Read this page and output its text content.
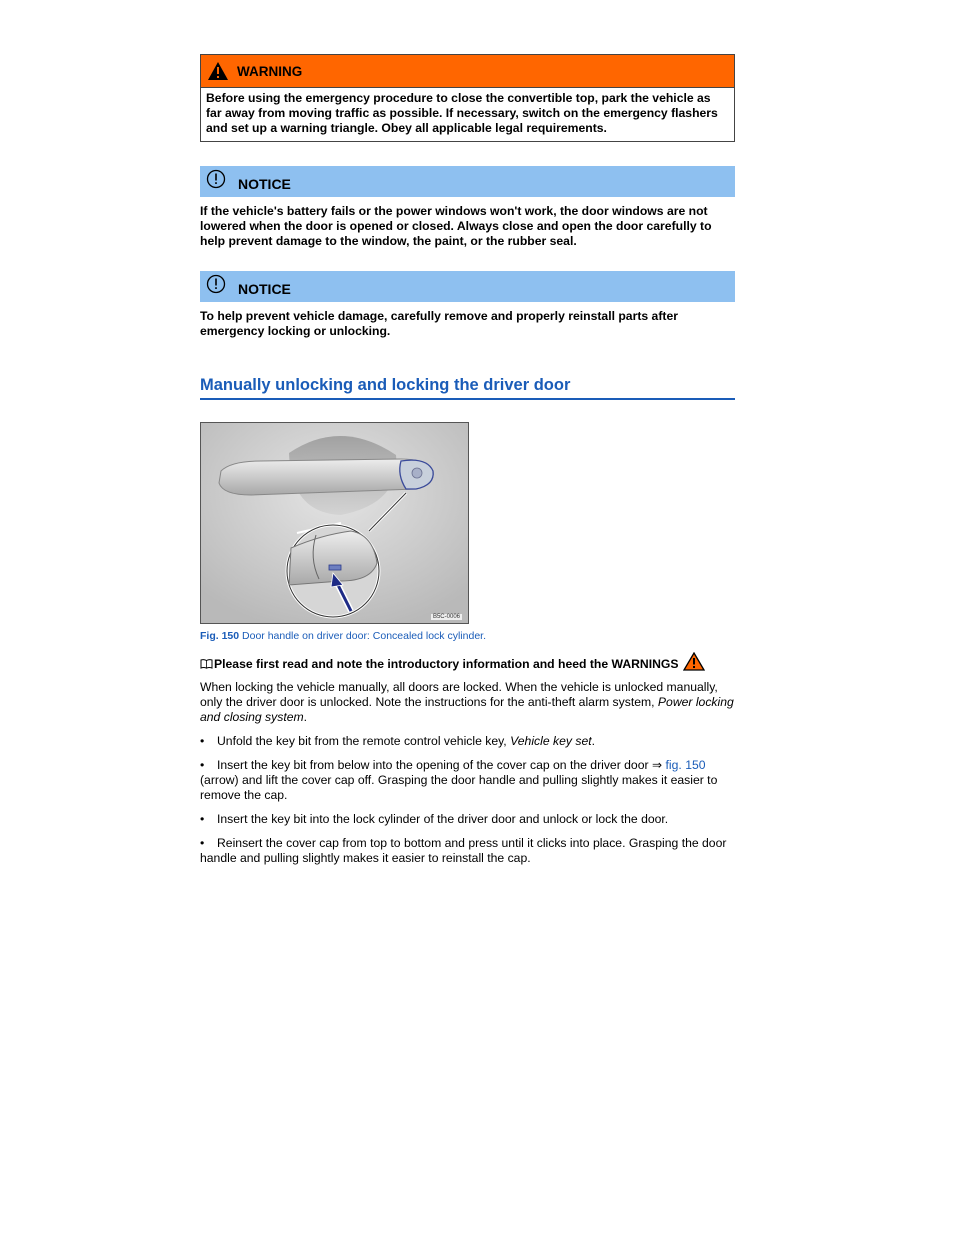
WARNING
Before using the emergency procedure to close the convertible top, park the vehicle as far away from moving traffic as possible. If necessary, switch on the emergency flashers and set up a warning triangle. Obey all applicable legal requirements.
NOTICE
If the vehicle's battery fails or the power windows won't work, the door windows are not lowered when the door is opened or closed. Always close and open the door carefully to help prevent damage to the window, the paint, or the rubber seal.
NOTICE
To help prevent vehicle damage, carefully remove and properly reinstall parts after emergency locking or unlocking.
Manually unlocking and locking the driver door
B5C-0006
Fig. 150 Door handle on driver door: Concealed lock cylinder.
Please first read and note the introductory information and heed the WARNINGS
When locking the vehicle manually, all doors are locked. When the vehicle is unlocked manually, only the driver door is unlocked. Note the instructions for the anti-theft alarm system, Power locking and closing system.
• Unfold the key bit from the remote control vehicle key, Vehicle key set.
• Insert the key bit from below into the opening of the cover cap on the driver door ⇒ fig. 150 (arrow) and lift the cover cap off. Grasping the door handle and pulling slightly makes it easier to remove the cap.
• Insert the key bit into the lock cylinder of the driver door and unlock or lock the door.
• Reinsert the cover cap from top to bottom and press until it clicks into place. Grasping the door handle and pulling slightly makes it easier to reinstall the cap.
